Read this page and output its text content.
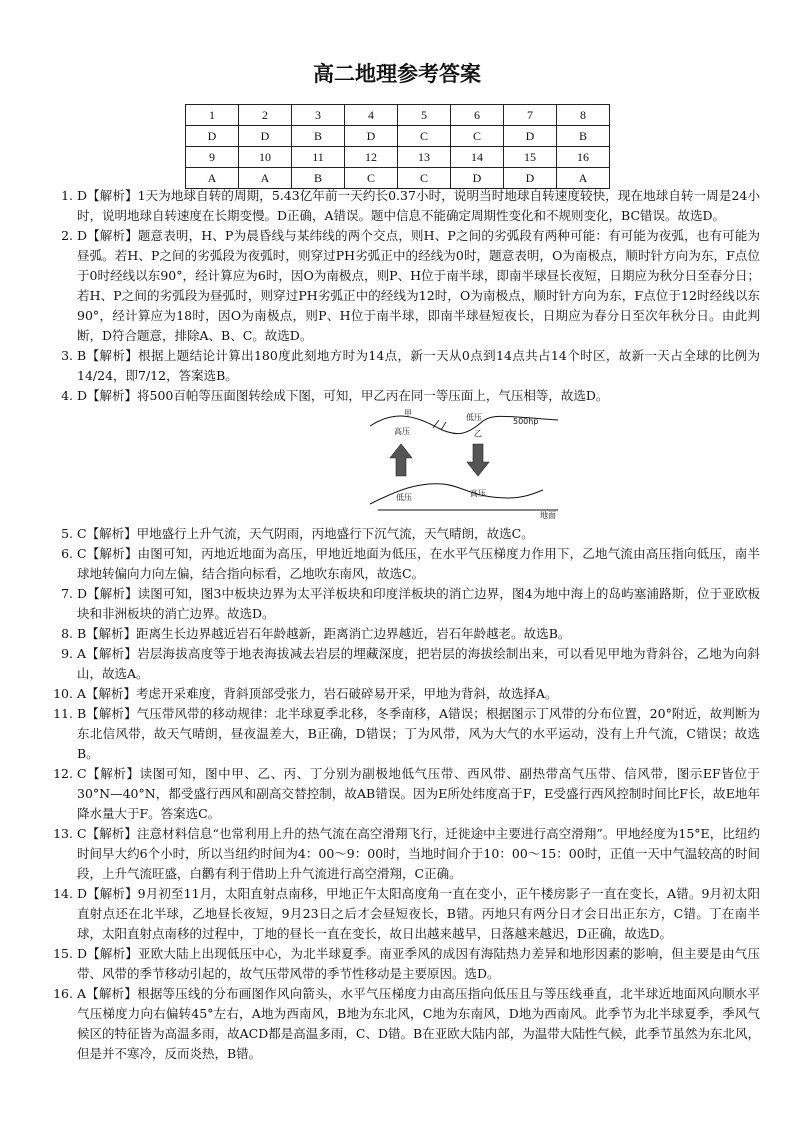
高二地理参考答案
1	2	3	4	5	6	7	8
D	D	B	D	C	C	D	B
9	10	11	12	13	14	15	16
A	A	B	C	C	D	D	A
1. D【解析】1天为地球自转的周期，5.43亿年前一天约长0.37小时，说明当时地球自转速度较快，现在地球自转一周是24小时，说明地球自转速度在长期变慢。D正确，A错误。题中信息不能确定周期性变化和不规则变化，BC错误。故选D。
2. D【解析】题意表明，H、P为晨昏线与某纬线的两个交点，则H、P之间的劣弧段有两种可能：有可能为夜弧，也有可能为昼弧。若H、P之间的劣弧段为夜弧时，则穿过PH劣弧正中的经线为0时，题意表明，O为南极点，顺时针方向为东，F点位于0时经线以东90°，经计算应为6时，因O为南极点，则P、H位于南半球，即南半球昼长夜短，日期应为秋分日至春分日；若H、P之间的劣弧段为昼弧时，则穿过PH劣弧正中的经线为12时，O为南极点，顺时针方向为东，F点位于12时经线以东90°，经计算应为18时，因O为南极点，则P、H位于南半球，即南半球昼短夜长，日期应为春分日至次年秋分日。由此判断，D符合题意，排除A、B、C。故选D。
3. B【解析】根据上题结论计算出180度此刻地方时为14点，新一天从0点到14点共占14个时区，故新一天占全球的比例为14/24，即7/12，答案选B。
4. D【解析】将500百帕等压面图转绘成下图，可知，甲乙丙在同一等压面上，气压相等，故选D。
甲
高压
低压
乙
500hp
低压	高压
地面
5. C【解析】甲地盛行上升气流，天气阴雨，丙地盛行下沉气流，天气晴朗，故选C。
6. C【解析】由图可知，丙地近地面为高压，甲地近地面为低压，在水平气压梯度力作用下，乙地气流由高压指向低压，南半球地转偏向力向左偏，结合指向标看，乙地吹东南风，故选C。
7. D【解析】读图可知，图3中板块边界为太平洋板块和印度洋板块的消亡边界，图4为地中海上的岛屿塞浦路斯，位于亚欧板块和非洲板块的消亡边界。故选D。
8. B【解析】距离生长边界越近岩石年龄越新，距离消亡边界越近，岩石年龄越老。故选B。
9. A【解析】岩层海拔高度等于地表海拔减去岩层的埋藏深度，把岩层的海拔绘制出来，可以看见甲地为背斜谷，乙地为向斜山，故选A。
10. A【解析】考虑开采难度，背斜顶部受张力，岩石破碎易开采，甲地为背斜，故选择A。
11. B【解析】气压带风带的移动规律：北半球夏季北移，冬季南移，A错误；根据图示丁风带的分布位置，20°附近，故判断为东北信风带，故天气晴朗，昼夜温差大，B正确，D错误；丁为风带，风为大气的水平运动，没有上升气流，C错误；故选B。
12. C【解析】读图可知，图中甲、乙、丙、丁分别为副极地低气压带、西风带、副热带高气压带、信风带，图示EF皆位于30°N—40°N，都受盛行西风和副高交替控制，故AB错误。因为E所处纬度高于F，E受盛行西风控制时间比F长，故E地年降水量大于F。答案选C。
13. C【解析】注意材料信息“也常利用上升的热气流在高空滑翔飞行，迁徙途中主要进行高空滑翔”。甲地经度为15°E，比纽约时间早大约6个小时，所以当纽约时间为4：00～9：00时，当地时间介于10：00～15：00时，正值一天中气温较高的时间段，上升气流旺盛，白鹳有利于借助上升气流进行高空滑翔，C正确。
14. D【解析】9月初至11月，太阳直射点南移，甲地正午太阳高度角一直在变小，正午楼房影子一直在变长，A错。9月初太阳直射点还在北半球，乙地昼长夜短，9月23日之后才会昼短夜长，B错。丙地只有两分日才会日出正东方，C错。丁在南半球，太阳直射点南移的过程中，丁地的昼长一直在变长，故日出越来越早，日落越来越迟，D正确，故选D。
15. D【解析】亚欧大陆上出现低压中心，为北半球夏季。南亚季风的成因有海陆热力差异和地形因素的影响，但主要是由气压带、风带的季节移动引起的，故气压带风带的季节性移动是主要原因。选D。
16. A【解析】根据等压线的分布画图作风向箭头，水平气压梯度力由高压指向低压且与等压线垂直，北半球近地面风向顺水平气压梯度力向右偏转45°左右，A地为西南风，B地为东北风，C地为东南风，D地为西南风。此季节为北半球夏季，季风气候区的特征皆为高温多雨，故ACD都是高温多雨，C、D错。B在亚欧大陆内部，为温带大陆性气候，此季节虽然为东北风，但是并不寒冷，反而炎热，B错。
